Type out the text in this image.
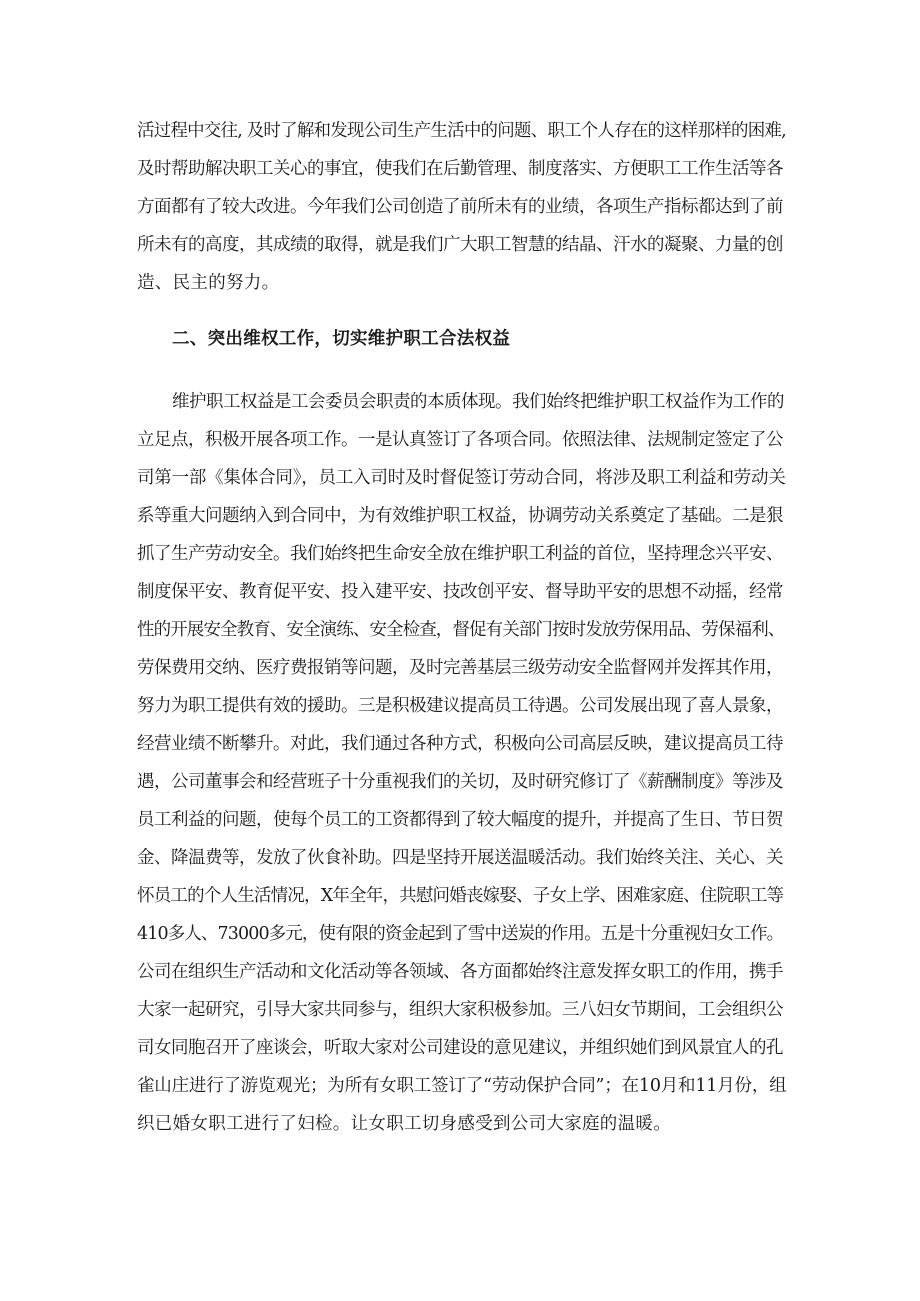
活过程中交往, 及时了解和发现公司生产生活中的问题、职工个人存在的这样那样的困难,

及时帮助解决职工关心的事宜，使我们在后勤管理、制度落实、方便职工工作生活等各

方面都有了较大改进。今年我们公司创造了前所未有的业绩，各项生产指标都达到了前

所未有的高度，其成绩的取得，就是我们广大职工智慧的结晶、汗水的凝聚、力量的创

造、民主的努力。

二、突出维权工作，切实维护职工合法权益

维护职工权益是工会委员会职责的本质体现。我们始终把维护职工权益作为工作的

立足点，积极开展各项工作。一是认真签订了各项合同。依照法律、法规制定签定了公

司第一部《集体合同》，员工入司时及时督促签订劳动合同，将涉及职工利益和劳动关

系等重大问题纳入到合同中，为有效维护职工权益，协调劳动关系奠定了基础。二是狠

抓了生产劳动安全。我们始终把生命安全放在维护职工利益的首位，坚持理念兴平安、

制度保平安、教育促平安、投入建平安、技改创平安、督导助平安的思想不动摇，经常

性的开展安全教育、安全演练、安全检查，督促有关部门按时发放劳保用品、劳保福利、

劳保费用交纳、医疗费报销等问题，及时完善基层三级劳动安全监督网并发挥其作用，

努力为职工提供有效的援助。三是积极建议提高员工待遇。公司发展出现了喜人景象，

经营业绩不断攀升。对此，我们通过各种方式，积极向公司高层反映，建议提高员工待

遇，公司董事会和经营班子十分重视我们的关切，及时研究修订了《薪酬制度》等涉及

员工利益的问题，使每个员工的工资都得到了较大幅度的提升，并提高了生日、节日贺

金、降温费等，发放了伙食补助。四是坚持开展送温暖活动。我们始终关注、关心、关

怀员工的个人生活情况，X年全年，共慰问婚丧嫁娶、子女上学、困难家庭、住院职工等

410多人、73000多元，使有限的资金起到了雪中送炭的作用。五是十分重视妇女工作。

公司在组织生产活动和文化活动等各领域、各方面都始终注意发挥女职工的作用，携手

大家一起研究，引导大家共同参与，组织大家积极参加。三八妇女节期间，工会组织公

司女同胞召开了座谈会，听取大家对公司建设的意见建议，并组织她们到风景宜人的孔

雀山庄进行了游览观光；为所有女职工签订了“劳动保护合同”；在10月和11月份，组

织已婚女职工进行了妇检。让女职工切身感受到公司大家庭的温暖。
